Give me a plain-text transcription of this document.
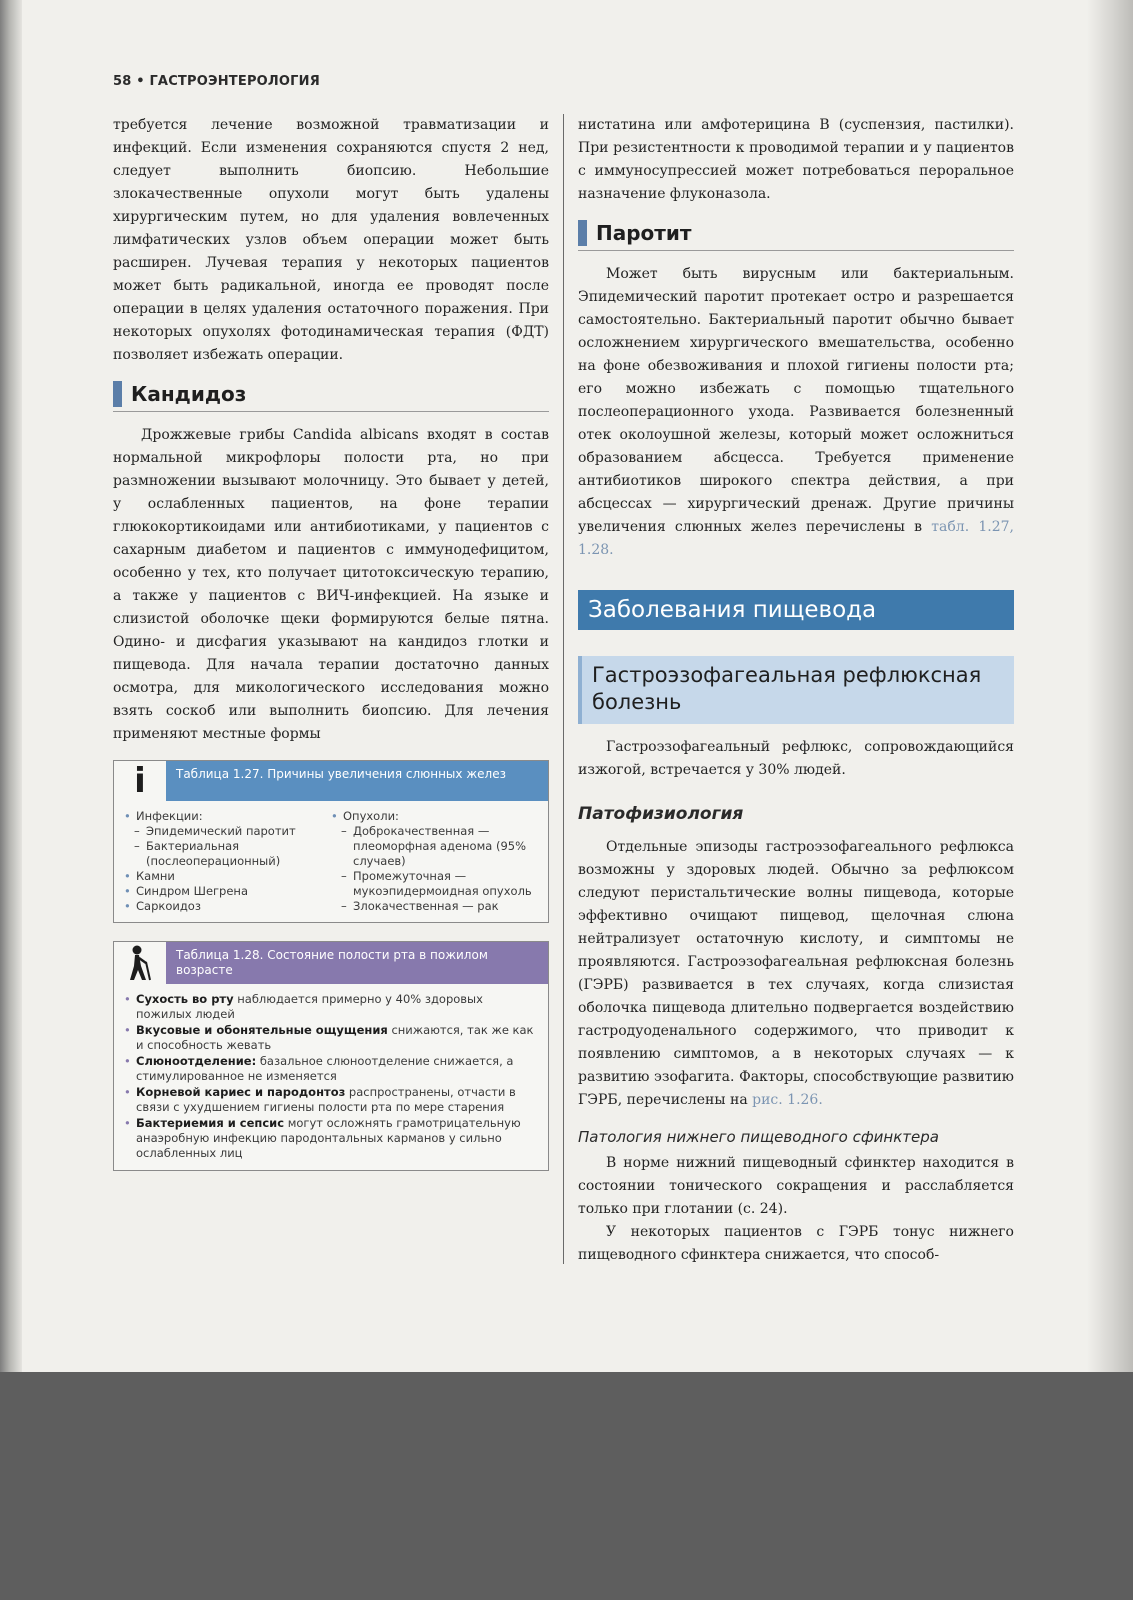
58 • ГАСТРОЭНТЕРОЛОГИЯ

требуется лечение возможной травматизации и инфекций. Если изменения сохраняются спустя 2 нед, следует выполнить биопсию. Небольшие злокачественные опухоли могут быть удалены хирургическим путем, но для удаления вовлеченных лимфатических узлов объем операции может быть расширен. Лучевая терапия у некоторых пациентов может быть радикальной, иногда ее проводят после операции в целях удаления остаточного поражения. При некоторых опухолях фотодинамическая терапия (ФДТ) позволяет избежать операции.

Кандидоз

Дрожжевые грибы Candida albicans входят в состав нормальной микрофлоры полости рта, но при размножении вызывают молочницу. Это бывает у детей, у ослабленных пациентов, на фоне терапии глюкокортикоидами или антибиотиками, у пациентов с сахарным диабетом и пациентов с иммунодефицитом, особенно у тех, кто получает цитотоксическую терапию, а также у пациентов с ВИЧ-инфекцией. На языке и слизистой оболочке щеки формируются белые пятна. Одино- и дисфагия указывают на кандидоз глотки и пищевода. Для начала терапии достаточно данных осмотра, для микологического исследования можно взять соскоб или выполнить биопсию. Для лечения применяют местные формы

i	Таблица 1.27. Причины увеличения слюнных желез
• Инфекции:
– Эпидемический паротит
– Бактериальная (послеоперационный)
• Камни
• Синдром Шегрена
• Саркоидоз
• Опухоли:
– Доброкачественная — плеоморфная аденома (95% случаев)
– Промежуточная — мукоэпидермоидная опухоль
– Злокачественная — рак
Таблица 1.28. Состояние полости рта в пожилом возрасте
• Сухость во рту наблюдается примерно у 40% здоровых пожилых людей
• Вкусовые и обонятельные ощущения снижаются, так же как и способность жевать
• Слюноотделение: базальное слюноотделение снижается, а стимулированное не изменяется
• Корневой кариес и пародонтоз распространены, отчасти в связи с ухудшением гигиены полости рта по мере старения
• Бактериемия и сепсис могут осложнять грамотрицательную анаэробную инфекцию пародонтальных карманов у сильно ослабленных лиц

нистатина или амфотерицина B (суспензия, пастилки). При резистентности к проводимой терапии и у пациентов с иммуносупрессией может потребоваться пероральное назначение флуконазола.

Паротит

Может быть вирусным или бактериальным. Эпидемический паротит протекает остро и разрешается самостоятельно. Бактериальный паротит обычно бывает осложнением хирургического вмешательства, особенно на фоне обезвоживания и плохой гигиены полости рта; его можно избежать с помощью тщательного послеоперационного ухода. Развивается болезненный отек околоушной железы, который может осложниться образованием абсцесса. Требуется применение антибиотиков широкого спектра действия, а при абсцессах — хирургический дренаж. Другие причины увеличения слюнных желез перечислены в табл. 1.27, 1.28.

Заболевания пищевода
Гастроэзофагеальная рефлюксная болезнь

Гастроэзофагеальный рефлюкс, сопровождающийся изжогой, встречается у 30% людей.

Патофизиология

Отдельные эпизоды гастроэзофагеального рефлюкса возможны у здоровых людей. Обычно за рефлюксом следуют перистальтические волны пищевода, которые эффективно очищают пищевод, щелочная слюна нейтрализует остаточную кислоту, и симптомы не проявляются. Гастроэзофагеальная рефлюксная болезнь (ГЭРБ) развивается в тех случаях, когда слизистая оболочка пищевода длительно подвергается воздействию гастродуоденального содержимого, что приводит к появлению симптомов, а в некоторых случаях — к развитию эзофагита. Факторы, способствующие развитию ГЭРБ, перечислены на рис. 1.26.

Патология нижнего пищеводного сфинктера

В норме нижний пищеводный сфинктер находится в состоянии тонического сокращения и расслабляется только при глотании (с. 24).

У некоторых пациентов с ГЭРБ тонус нижнего пищеводного сфинктера снижается, что способ-
